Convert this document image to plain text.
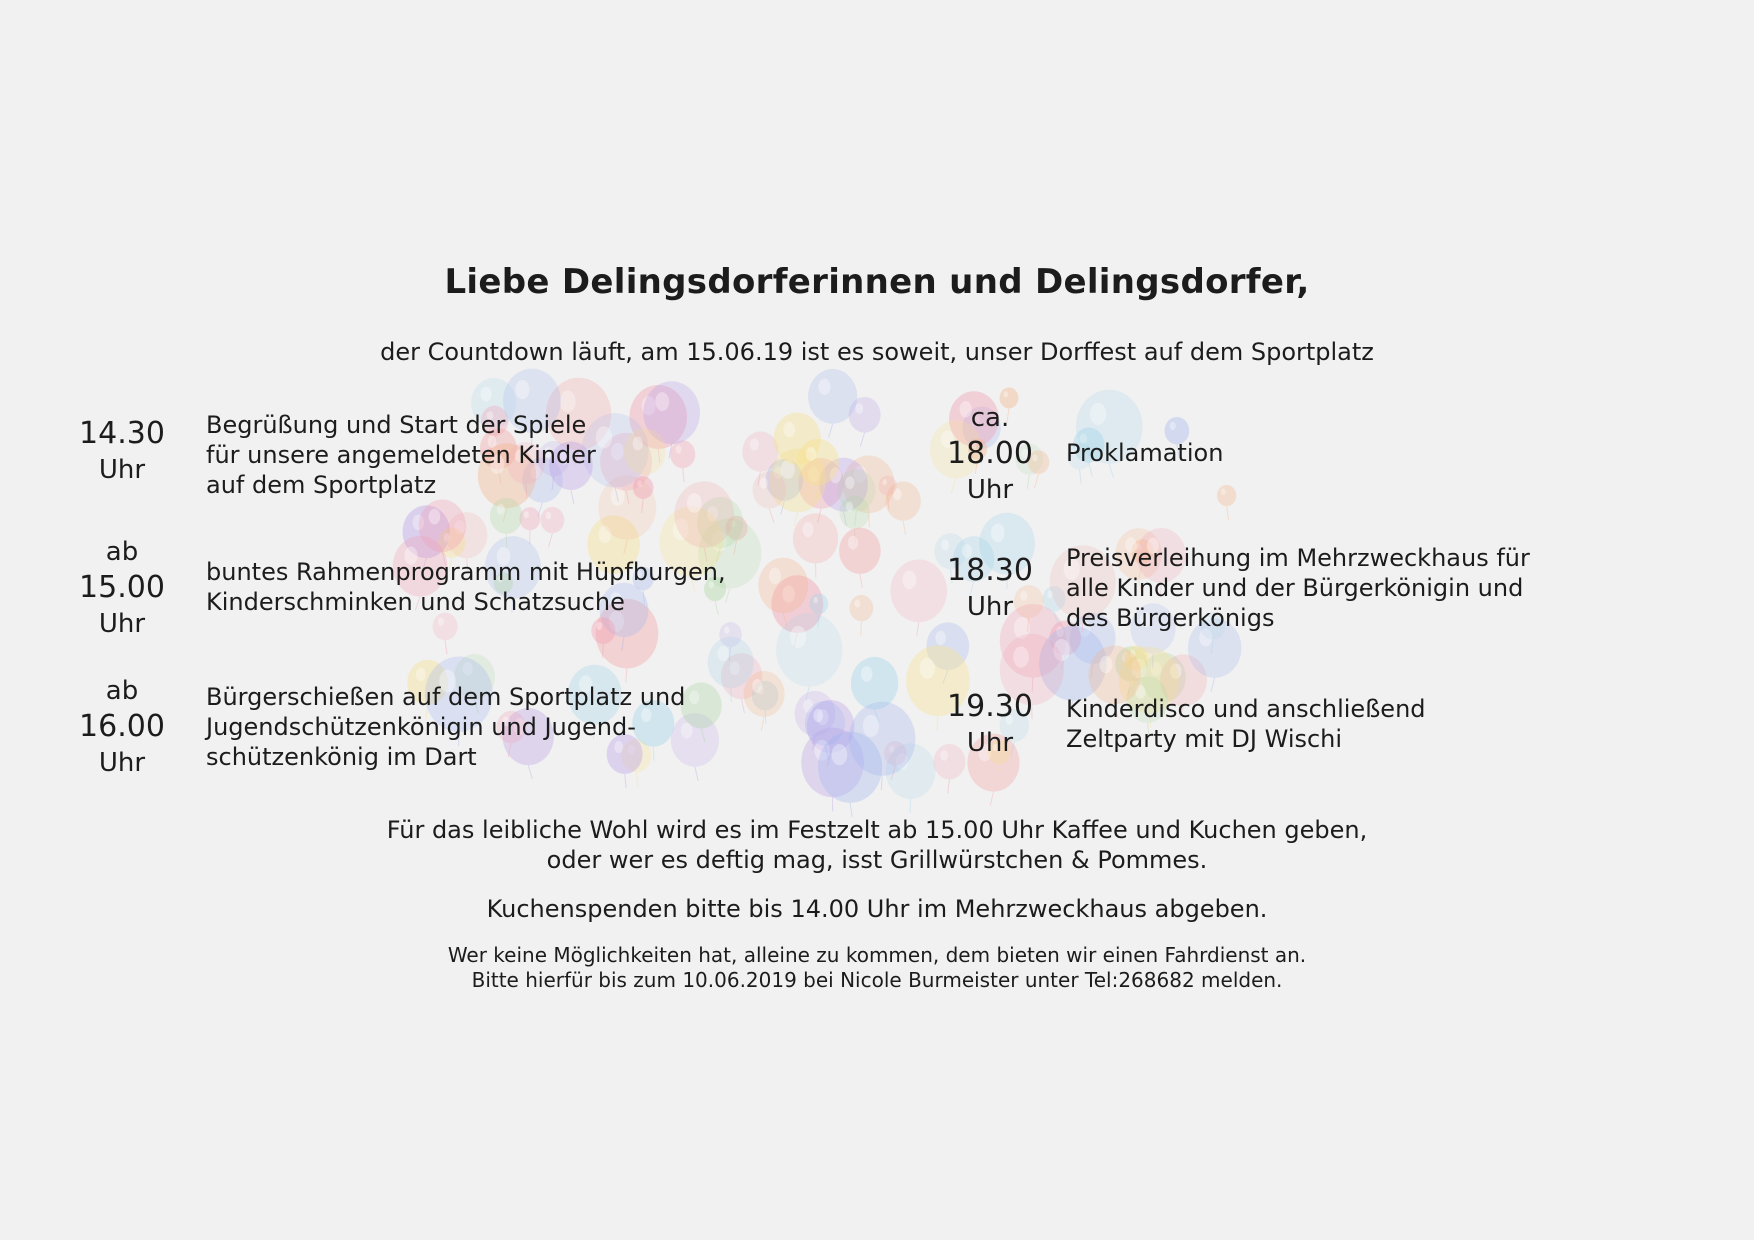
Liebe Delingsdorferinnen und Delingsdorfer,
der Countdown läuft, am 15.06.19 ist es soweit, unser Dorffest auf dem Sportplatz
14.30
Uhr
Begrüßung und Start der Spiele
für unsere angemeldeten Kinder
auf dem Sportplatz
ab
15.00
Uhr
buntes Rahmenprogramm mit Hüpfburgen,
Kinderschminken und Schatzsuche
ab
16.00
Uhr
Bürgerschießen auf dem Sportplatz und
Jugendschützenkönigin und Jugend-
schützenkönig im Dart
ca.
18.00
Uhr
Proklamation
18.30
Uhr
Preisverleihung im Mehrzweckhaus für
alle Kinder und der Bürgerkönigin und
des Bürgerkönigs
19.30
Uhr
Kinderdisco und anschließend
Zeltparty mit DJ Wischi
Für das leibliche Wohl wird es im Festzelt ab 15.00 Uhr Kaffee und Kuchen geben,
oder wer es deftig mag, isst Grillwürstchen & Pommes.
Kuchenspenden bitte bis 14.00 Uhr im Mehrzweckhaus abgeben.
Wer keine Möglichkeiten hat, alleine zu kommen, dem bieten wir einen Fahrdienst an.
Bitte hierfür bis zum 10.06.2019 bei Nicole Burmeister unter Tel:268682 melden.
